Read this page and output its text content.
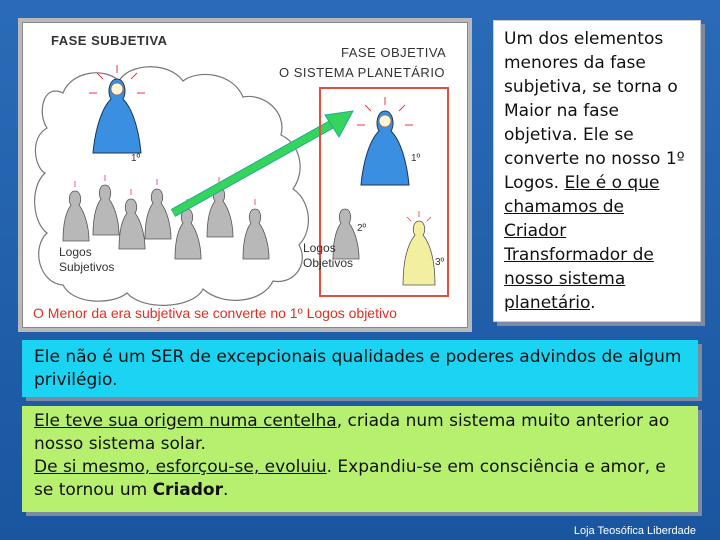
FASE SUBJETIVA
FASE OBJETIVA
O SISTEMA PLANETÁRIO
Logos
Subjetivos
Logos
Objetivos
1º	1º
2º
3º
O Menor da era subjetiva se converte no 1º Logos objetivo
Um dos elementos menores da fase subjetiva, se torna o Maior na fase objetiva. Ele se converte no nosso 1º Logos. Ele é o que chamamos de Criador Transformador de nosso sistema planetário.
Ele não é um SER de excepcionais qualidades e poderes advindos de algum privilégio.
Ele teve sua origem numa centelha, criada num sistema muito anterior ao nosso sistema solar.
De si mesmo, esforçou-se, evoluiu. Expandiu-se em consciência e amor, e se tornou um Criador.
Loja Teosófica Liberdade
